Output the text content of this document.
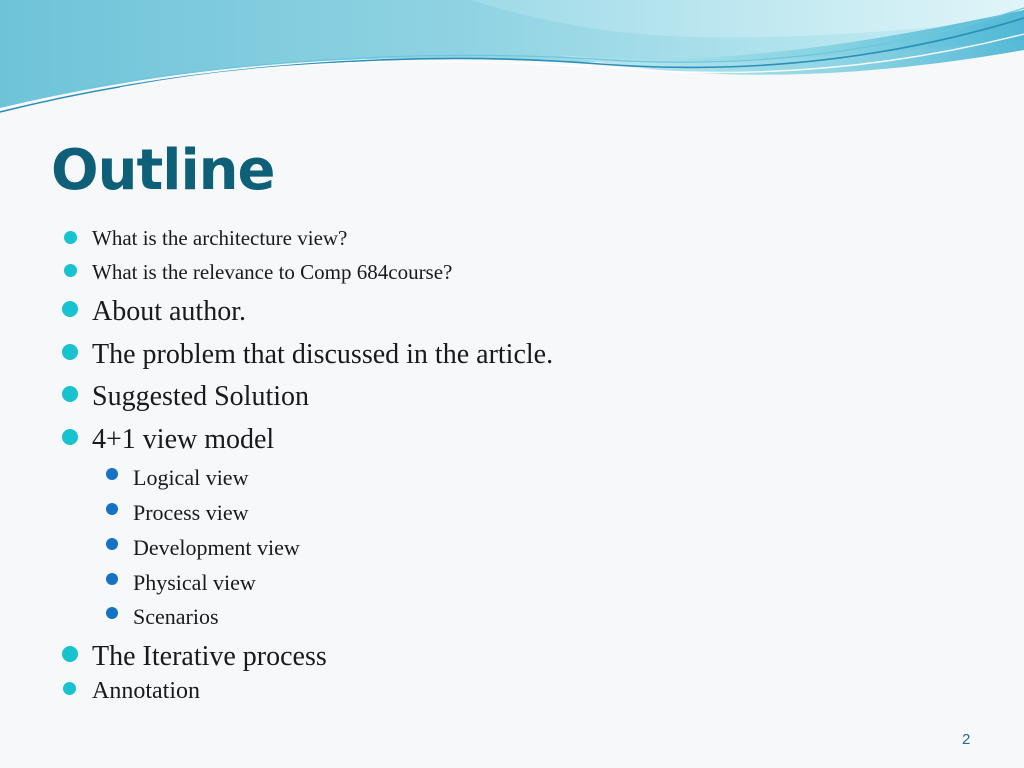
Outline
What is the architecture view?
What is the relevance to Comp 684course?
About author.
The problem that discussed in the article.
Suggested Solution
4+1 view model
Logical view
Process view
Development view
Physical view
Scenarios
The Iterative process
Annotation
2
